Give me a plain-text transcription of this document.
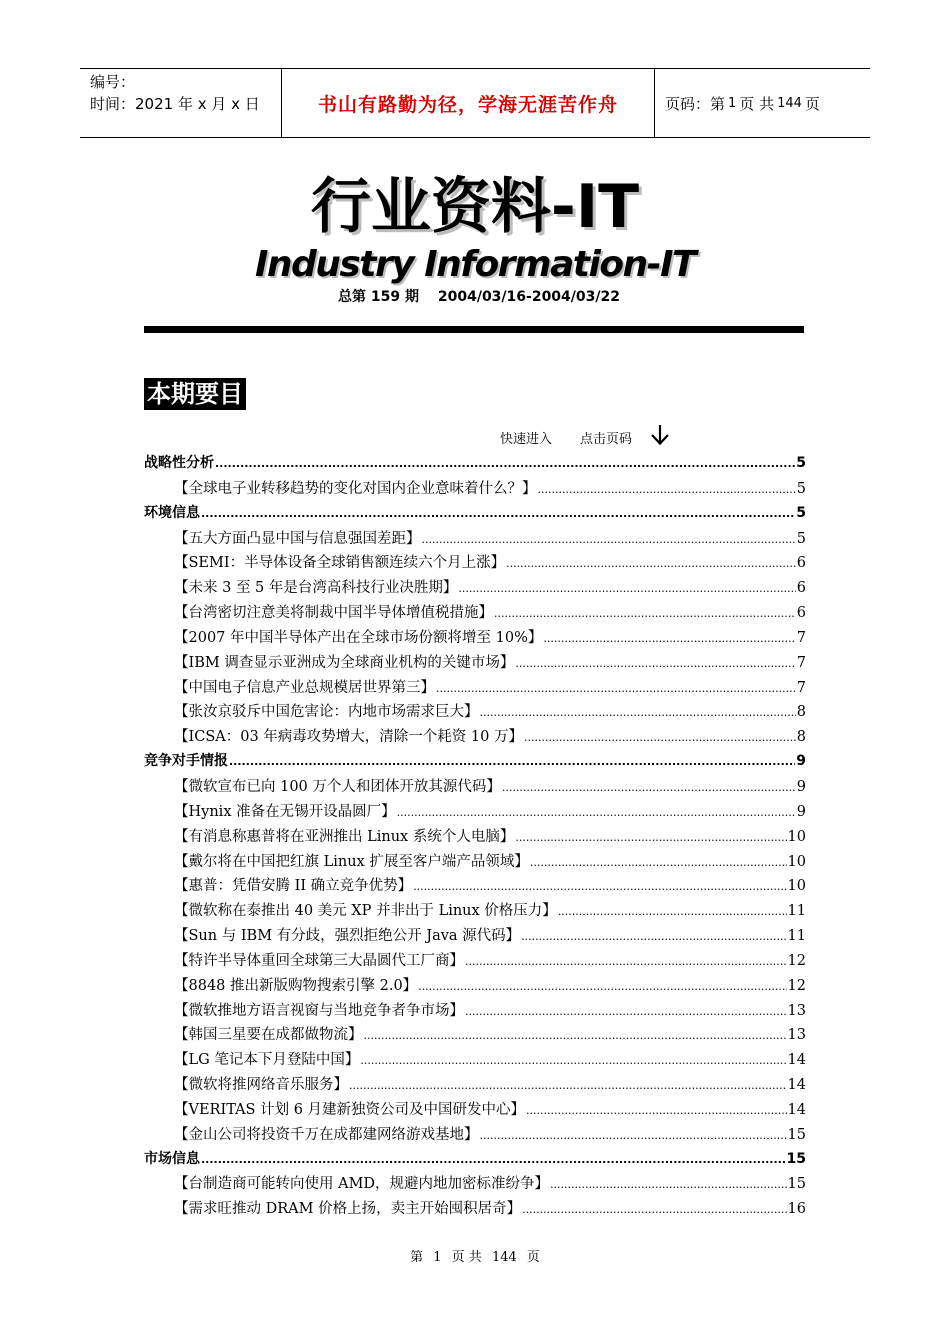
编号：
时间：2021 年 x 月 x 日	书山有路勤为径，学海无涯苦作舟	页码：第 1 页 共 144 页
行业资料-IT
Industry Information-IT
总第 159 期 2004/03/16-2004/03/22
本期要目
快速进入 点击页码
战略性分析 .....	5
【全球电子业转移趋势的变化对国内企业意味着什么？】 .....	5
环境信息 .....	5
【五大方面凸显中国与信息强国差距】 .....	5
【SEMI：半导体设备全球销售额连续六个月上涨】 .....	6
【未来 3 至 5 年是台湾高科技行业决胜期】 .....	6
【台湾密切注意美将制裁中国半导体增值税措施】 .....	6
【2007 年中国半导体产出在全球市场份额将增至 10%】 .....	7
【IBM 调查显示亚洲成为全球商业机构的关键市场】 .....	7
【中国电子信息产业总规模居世界第三】 .....	7
【张汝京驳斥中国危害论：内地市场需求巨大】 .....	8
【ICSA：03 年病毒攻势增大，清除一个耗资 10 万】 .....	8
竞争对手情报 .....	9
【微软宣布已向 100 万个人和团体开放其源代码】 .....	9
【Hynix 准备在无锡开设晶圆厂】 .....	9
【有消息称惠普将在亚洲推出 Linux 系统个人电脑】 .....	10
【戴尔将在中国把红旗 Linux 扩展至客户端产品领域】 .....	10
【惠普：凭借安腾 II 确立竞争优势】 .....	10
【微软称在泰推出 40 美元 XP 并非出于 Linux 价格压力】 .....	11
【Sun 与 IBM 有分歧，强烈拒绝公开 Java 源代码】 .....	11
【特许半导体重回全球第三大晶圆代工厂商】 .....	12
【8848 推出新版购物搜索引擎 2.0】 .....	12
【微软推地方语言视窗与当地竞争者争市场】 .....	13
【韩国三星要在成都做物流】 .....	13
【LG 笔记本下月登陆中国】 .....	14
【微软将推网络音乐服务】 .....	14
【VERITAS 计划 6 月建新独资公司及中国研发中心】 .....	14
【金山公司将投资千万在成都建网络游戏基地】 .....	15
市场信息 .....	15
【台制造商可能转向使用 AMD，规避内地加密标准纷争】 .....	15
【需求旺推动 DRAM 价格上扬，卖主开始囤积居奇】 .....	16
第 1 页 共 144 页
